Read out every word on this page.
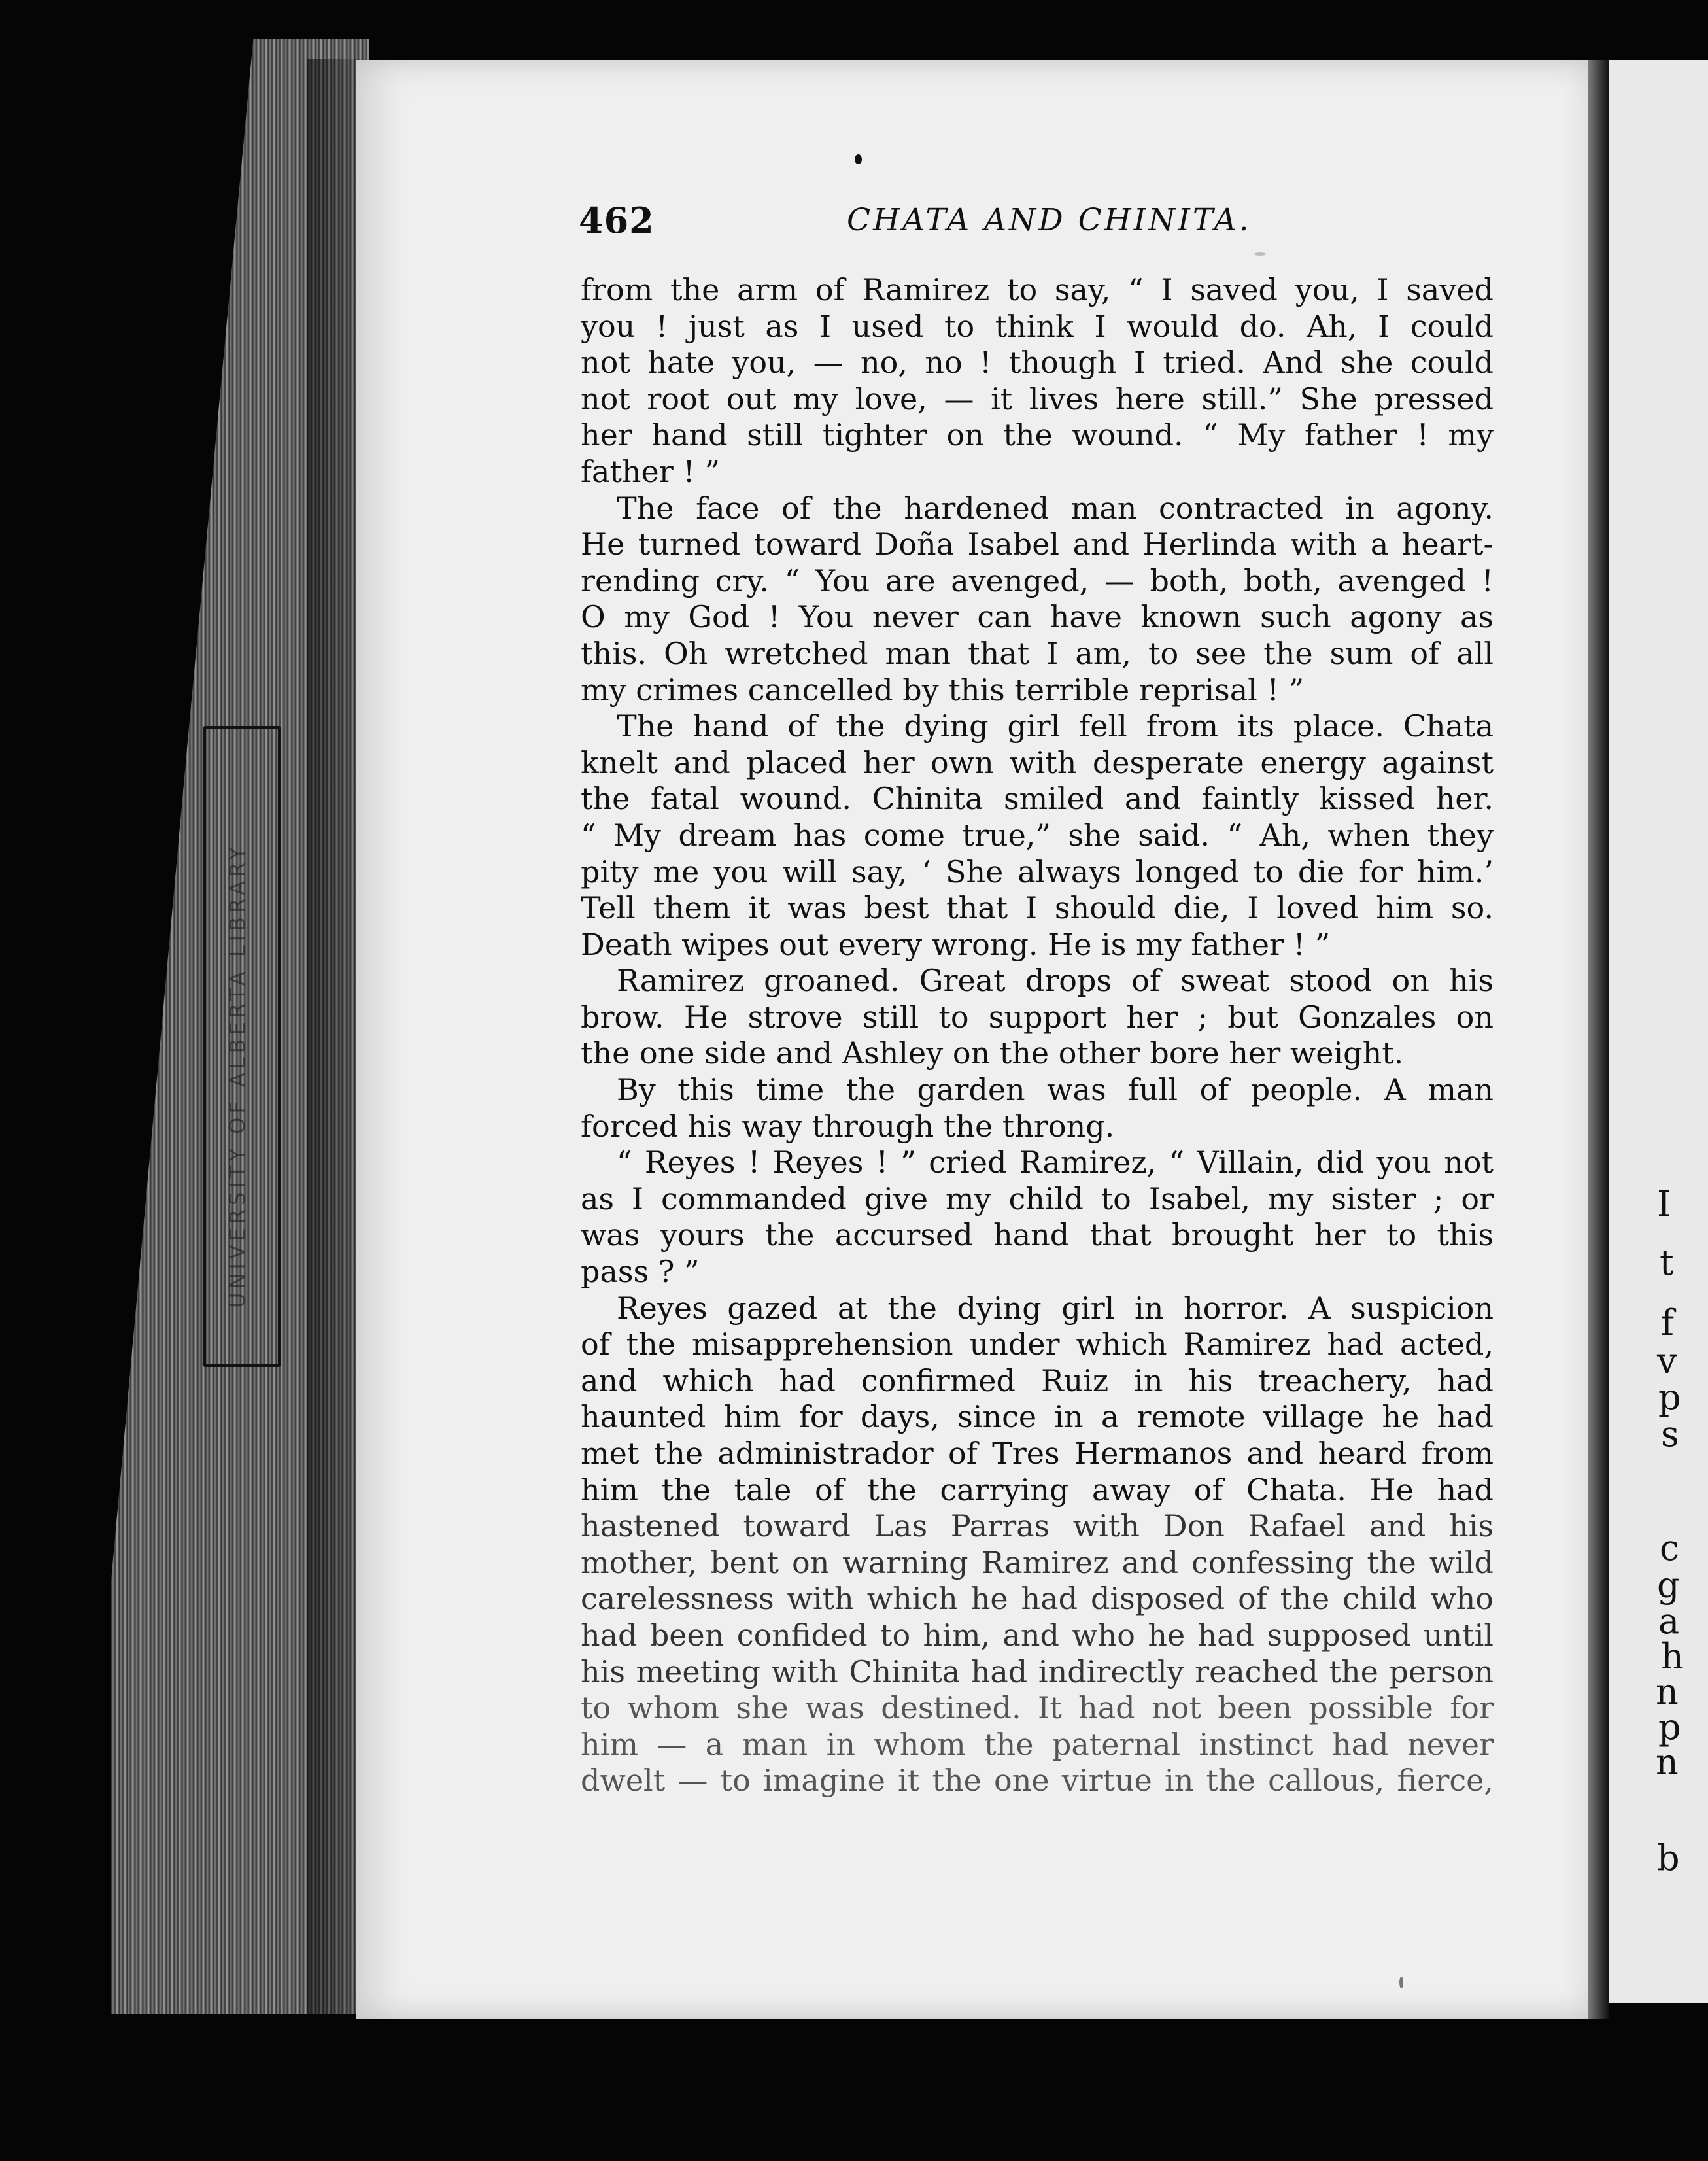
UNIVERSITY OF ALBERTA LIBRARY	I
t
f
v
p
s
c
g
a
h
n
p
n
b
462	CHATA AND CHINITA.
from the arm of Ramirez to say, “ I saved you, I saved
you ! just as I used to think I would do. Ah, I could
not hate you, — no, no ! though I tried. And she could
not root out my love, — it lives here still.” She pressed
her hand still tighter on the wound. “ My father ! my
father ! ”
The face of the hardened man contracted in agony.
He turned toward Doña Isabel and Herlinda with a heart-
rending cry. “ You are avenged, — both, both, avenged !
O my God ! You never can have known such agony as
this. Oh wretched man that I am, to see the sum of all
my crimes cancelled by this terrible reprisal ! ”
The hand of the dying girl fell from its place. Chata
knelt and placed her own with desperate energy against
the fatal wound. Chinita smiled and faintly kissed her.
“ My dream has come true,” she said. “ Ah, when they
pity me you will say, ‘ She always longed to die for him.’
Tell them it was best that I should die, I loved him so.
Death wipes out every wrong. He is my father ! ”
Ramirez groaned. Great drops of sweat stood on his
brow. He strove still to support her ; but Gonzales on
the one side and Ashley on the other bore her weight.
By this time the garden was full of people. A man
forced his way through the throng.
“ Reyes ! Reyes ! ” cried Ramirez, “ Villain, did you not
as I commanded give my child to Isabel, my sister ; or
was yours the accursed hand that brought her to this
pass ? ”
Reyes gazed at the dying girl in horror. A suspicion
of the misapprehension under which Ramirez had acted,
and which had confirmed Ruiz in his treachery, had
haunted him for days, since in a remote village he had
met the administrador of Tres Hermanos and heard from
him the tale of the carrying away of Chata. He had
hastened toward Las Parras with Don Rafael and his
mother, bent on warning Ramirez and confessing the wild
carelessness with which he had disposed of the child who
had been confided to him, and who he had supposed until
his meeting with Chinita had indirectly reached the person
to whom she was destined. It had not been possible for
him — a man in whom the paternal instinct had never
dwelt — to imagine it the one virtue in the callous, fierce,
